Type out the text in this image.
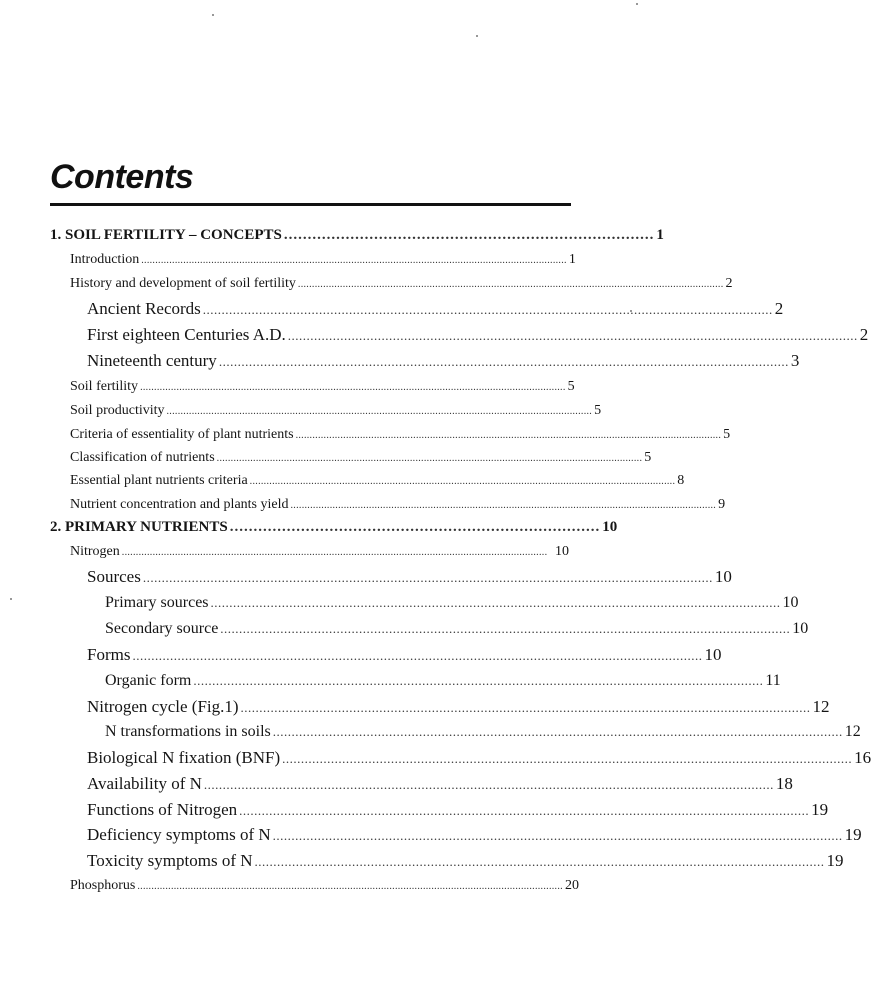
Contents
1. SOIL FERTILITY – CONCEPTS .............................................................................. 1
Introduction ........................................................................................................................................................ 1
History and development of soil fertility ........................................................................................................................................................ 2
Ancient Records ........................................................................................................................................................ 2
First eighteen Centuries A.D. ........................................................................................................................................................ 2
Nineteenth century ........................................................................................................................................................ 3
Soil fertility ........................................................................................................................................................ 5
Soil productivity ........................................................................................................................................................ 5
Criteria of essentiality of plant nutrients ........................................................................................................................................................ 5
Classification of nutrients ........................................................................................................................................................ 5
Essential plant nutrients criteria ........................................................................................................................................................ 8
Nutrient concentration and plants yield ........................................................................................................................................................ 9
2. PRIMARY NUTRIENTS .............................................................................. 10
Nitrogen ........................................................................................................................................................ 10
Sources ........................................................................................................................................................ 10
Primary sources ........................................................................................................................................................ 10
Secondary source ........................................................................................................................................................ 10
Forms ........................................................................................................................................................ 10
Organic form ........................................................................................................................................................ 11
Nitrogen cycle (Fig.1) ........................................................................................................................................................ 12
N transformations in soils ........................................................................................................................................................ 12
Biological N fixation (BNF) ........................................................................................................................................................ 16
Availability of N ........................................................................................................................................................ 18
Functions of Nitrogen ........................................................................................................................................................ 19
Deficiency symptoms of N ........................................................................................................................................................ 19
Toxicity symptoms of N ........................................................................................................................................................ 19
Phosphorus ........................................................................................................................................................ 20
